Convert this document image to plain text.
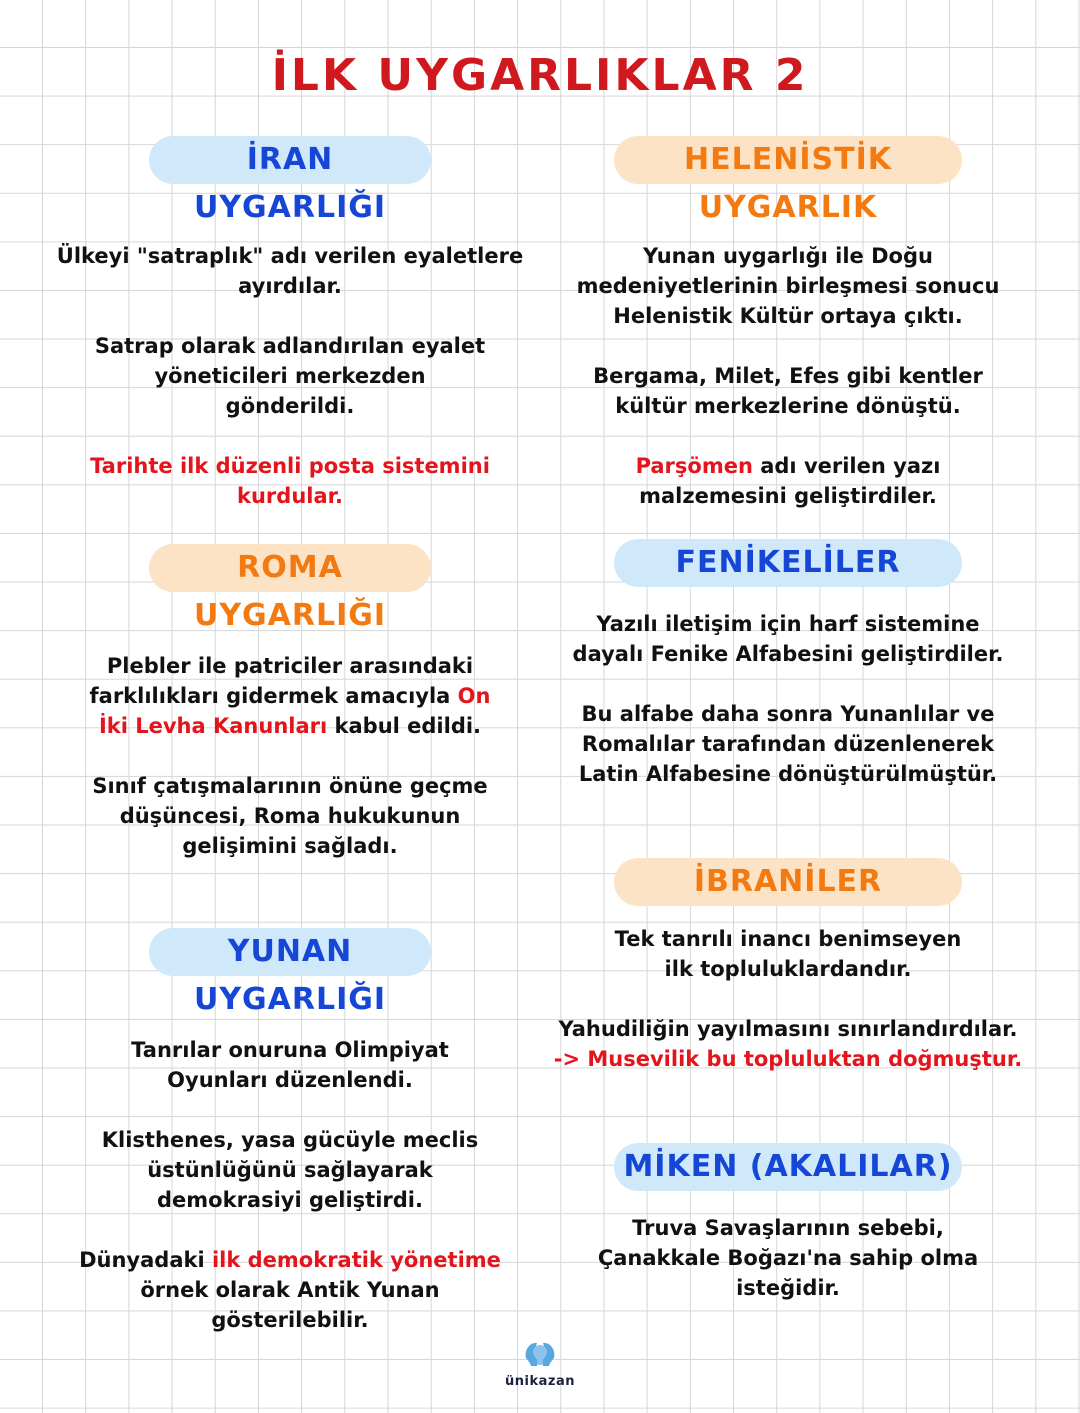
İLK UYGARLIKLAR 2
İRAN UYGARLIĞI

Ülkeyi "satraplık" adı verilen eyaletlere ayırdılar.

Satrap olarak adlandırılan eyalet yöneticileri merkezden gönderildi.

Tarihte ilk düzenli posta sistemini kurdular.

HELENİSTİK UYGARLIK

Yunan uygarlığı ile Doğu medeniyetlerinin birleşmesi sonucu Helenistik Kültür ortaya çıktı.

Bergama, Milet, Efes gibi kentler kültür merkezlerine dönüştü.

Parşömen adı verilen yazı malzemesini geliştirdiler.

ROMA UYGARLIĞI

Plebler ile patriciler arasındaki farklılıkları gidermek amacıyla On İki Levha Kanunları kabul edildi.

Sınıf çatışmalarının önüne geçme düşüncesi, Roma hukukunun gelişimini sağladı.

FENİKELİLER

Yazılı iletişim için harf sistemine dayalı Fenike Alfabesini geliştirdiler.

Bu alfabe daha sonra Yunanlılar ve Romalılar tarafından düzenlenerek Latin Alfabesine dönüştürülmüştür.

İBRANİLER

Tek tanrılı inancı benimseyen ilk topluluklardandır.

Yahudiliğin yayılmasını sınırlandırdılar.
-> Musevilik bu topluluktan doğmuştur.

YUNAN UYGARLIĞI

Tanrılar onuruna Olimpiyat Oyunları düzenlendi.

Klisthenes, yasa gücüyle meclis üstünlüğünü sağlayarak demokrasiyi geliştirdi.

Dünyadaki ilk demokratik yönetime örnek olarak Antik Yunan gösterilebilir.

MİKEN (AKALILAR)

Truva Savaşlarının sebebi, Çanakkale Boğazı'na sahip olma isteğidir.

ünikazan
